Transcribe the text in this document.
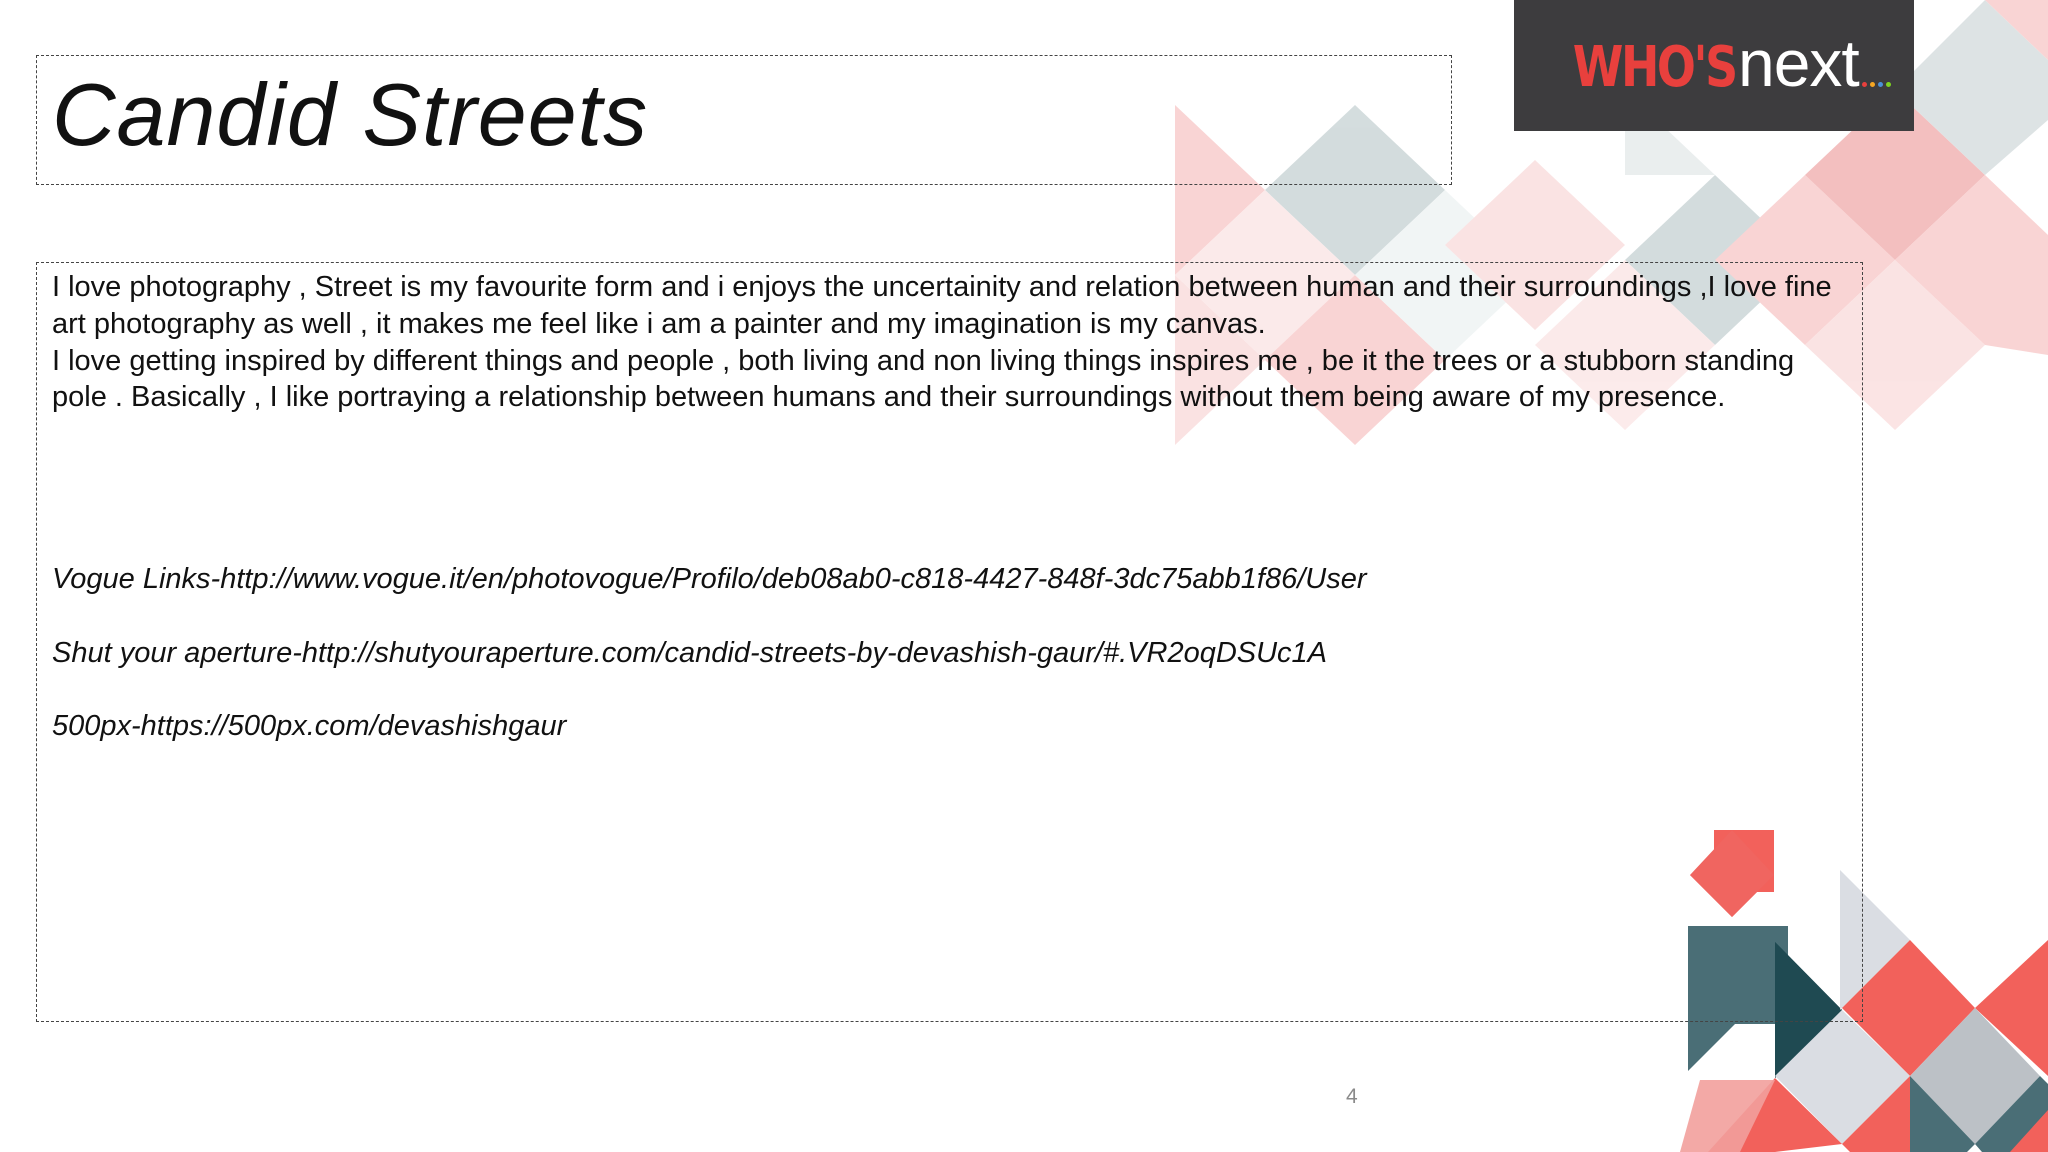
WHO'S next
Candid Streets

I love photography , Street is my favourite form and i enjoys the uncertainity and relation between human and their surroundings ,I love fine art photography as well , it makes me feel like i am a painter and my imagination is my canvas.

I love getting inspired by different things and people , both living and non living things inspires me , be it the trees or a stubborn standing pole . Basically , I like portraying a relationship between humans and their surroundings without them being aware of my presence.

Vogue Links-http://www.vogue.it/en/photovogue/Profilo/deb08ab0-c818-4427-848f-3dc75abb1f86/User
Shut your aperture-http://shutyouraperture.com/candid-streets-by-devashish-gaur/#.VR2oqDSUc1A
500px-https://500px.com/devashishgaur
4
